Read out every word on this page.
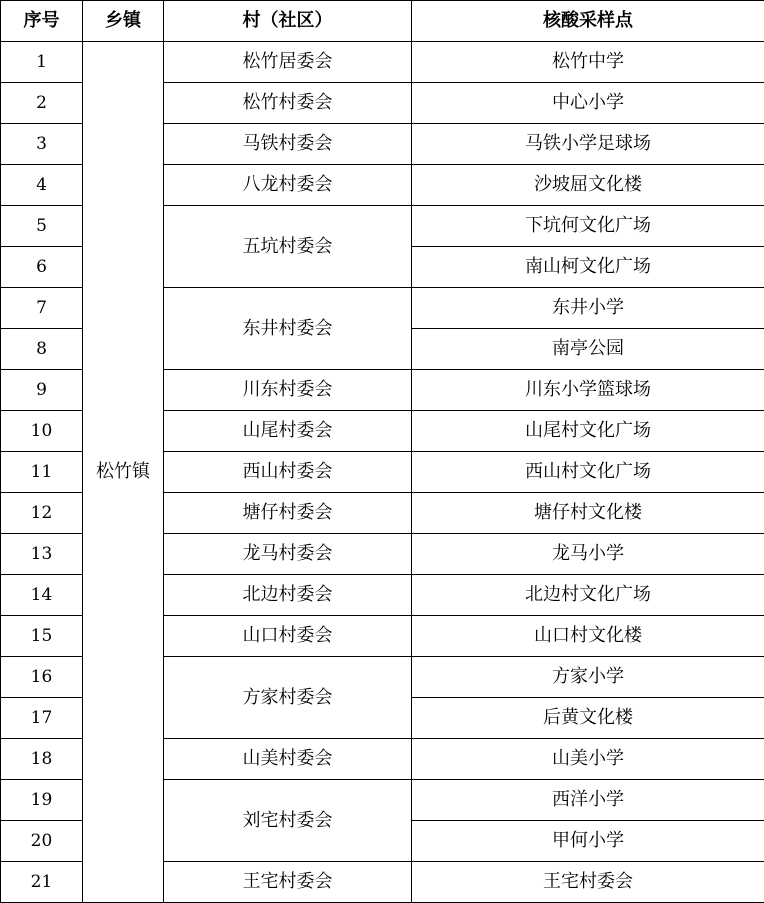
序号	乡镇	村（社区）	核酸采样点
1	松竹镇	松竹居委会	松竹中学
2		松竹村委会	中心小学
3		马铁村委会	马铁小学足球场
4		八龙村委会	沙坡屈文化楼
5		五坑村委会	下坑何文化广场
6			南山柯文化广场
7		东井村委会	东井小学
8			南亭公园
9		川东村委会	川东小学篮球场
10		山尾村委会	山尾村文化广场
11		西山村委会	西山村文化广场
12		塘仔村委会	塘仔村文化楼
13		龙马村委会	龙马小学
14		北边村委会	北边村文化广场
15		山口村委会	山口村文化楼
16		方家村委会	方家小学
17			后黄文化楼
18		山美村委会	山美小学
19		刘宅村委会	西洋小学
20			甲何小学
21		王宅村委会	王宅村委会
